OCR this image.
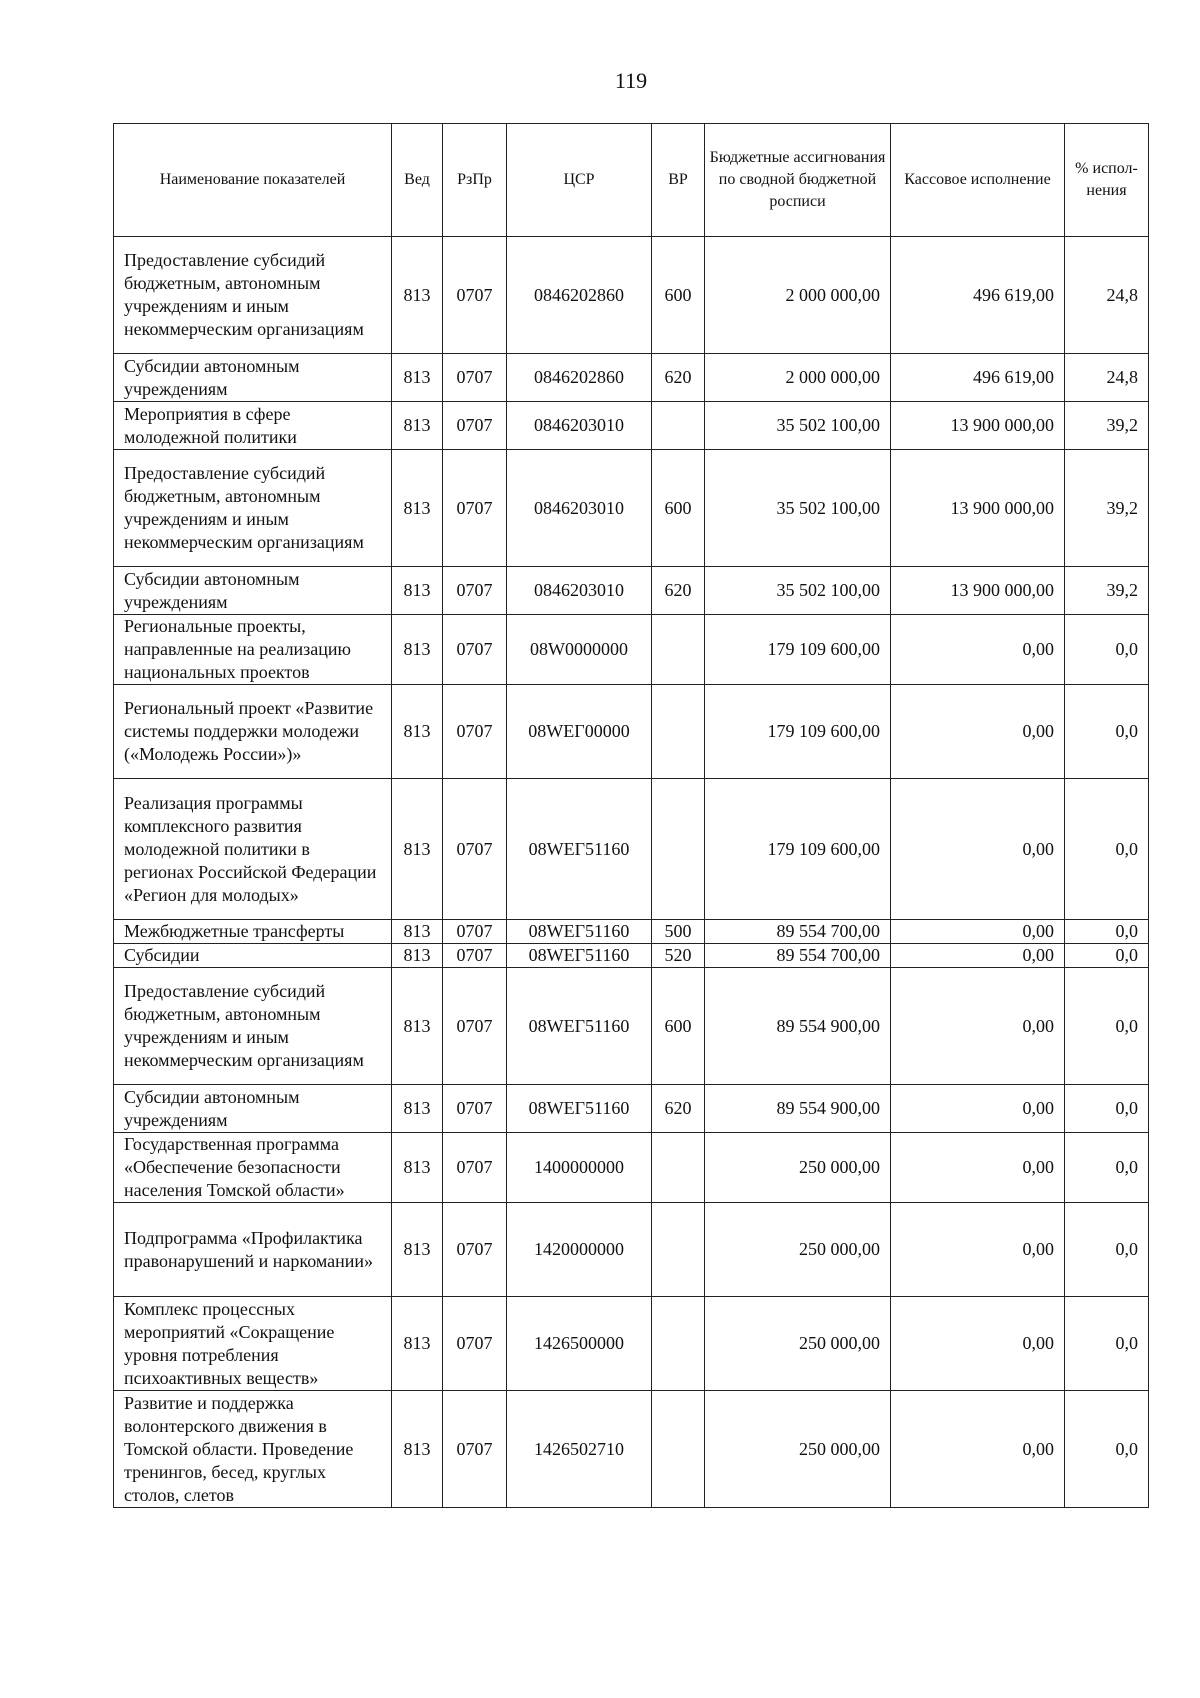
119
Наименование показателей	Вед	РзПр	ЦСР	ВР	Бюджетные ассигнования по сводной бюджетной росписи	Кассовое исполнение	% испол-нения
Предоставление субсидий бюджетным, автономным учреждениям и иным некоммерческим организациям	813	0707	0846202860	600	2 000 000,00	496 619,00	24,8
Субсидии автономным учреждениям	813	0707	0846202860	620	2 000 000,00	496 619,00	24,8
Мероприятия в сфере молодежной политики	813	0707	0846203010		35 502 100,00	13 900 000,00	39,2
Предоставление субсидий бюджетным, автономным учреждениям и иным некоммерческим организациям	813	0707	0846203010	600	35 502 100,00	13 900 000,00	39,2
Субсидии автономным учреждениям	813	0707	0846203010	620	35 502 100,00	13 900 000,00	39,2
Региональные проекты, направленные на реализацию национальных проектов	813	0707	08W0000000		179 109 600,00	0,00	0,0
Региональный проект «Развитие системы поддержки молодежи («Молодежь России»)»	813	0707	08WЕГ00000		179 109 600,00	0,00	0,0
Реализация программы комплексного развития молодежной политики в регионах Российской Федерации «Регион для молодых»	813	0707	08WЕГ51160		179 109 600,00	0,00	0,0
Межбюджетные трансферты	813	0707	08WЕГ51160	500	89 554 700,00	0,00	0,0
Субсидии	813	0707	08WЕГ51160	520	89 554 700,00	0,00	0,0
Предоставление субсидий бюджетным, автономным учреждениям и иным некоммерческим организациям	813	0707	08WЕГ51160	600	89 554 900,00	0,00	0,0
Субсидии автономным учреждениям	813	0707	08WЕГ51160	620	89 554 900,00	0,00	0,0
Государственная программа «Обеспечение безопасности населения Томской области»	813	0707	1400000000		250 000,00	0,00	0,0
Подпрограмма «Профилактика правонарушений и наркомании»	813	0707	1420000000		250 000,00	0,00	0,0
Комплекс процессных мероприятий «Сокращение уровня потребления психоактивных веществ»	813	0707	1426500000		250 000,00	0,00	0,0
Развитие и поддержка волонтерского движения в Томской области. Проведение тренингов, бесед, круглых столов, слетов	813	0707	1426502710		250 000,00	0,00	0,0
